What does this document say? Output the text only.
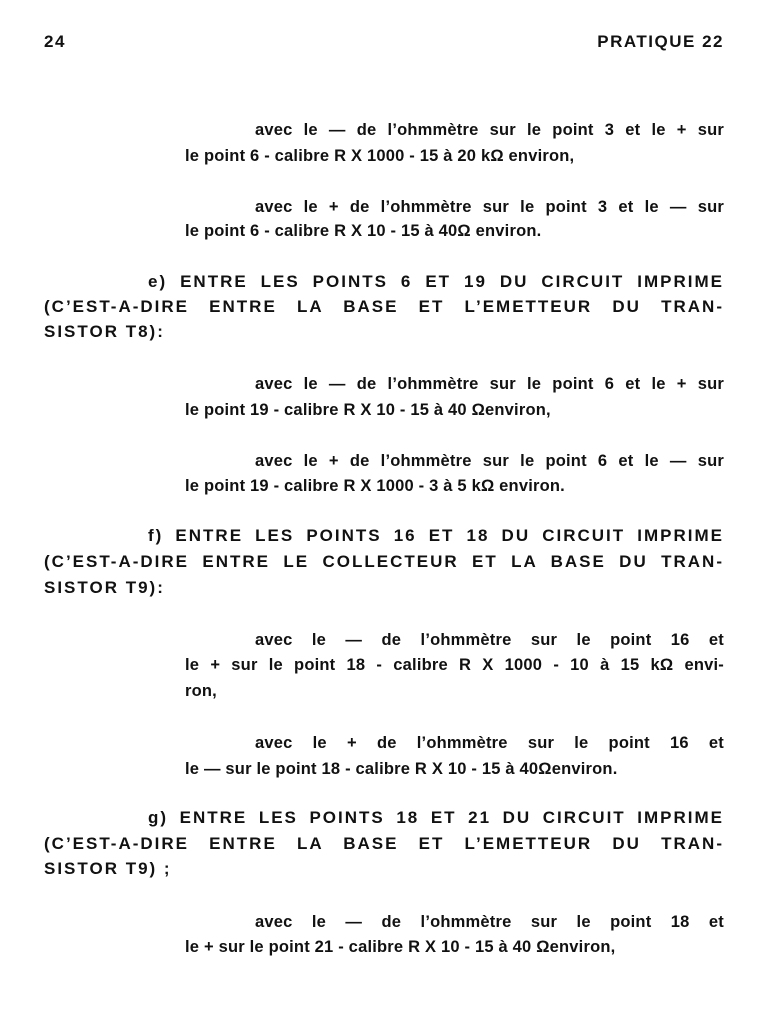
24	PRATIQUE 22
avec le — de l’ohmmètre sur le point 3 et le + sur
le point 6 - calibre R X 1000 - 15 à 20 kΩ environ,
avec le + de l’ohmmètre sur le point 3 et le — sur
le point 6 - calibre R X 10 - 15 à 40Ω environ.
e) ENTRE LES POINTS 6 ET 19 DU CIRCUIT IMPRIME
(C’EST-A-DIRE ENTRE LA BASE ET L’EMETTEUR DU TRAN-
SISTOR T8):
avec le — de l’ohmmètre sur le point 6 et le + sur
le point 19 - calibre R X 10 - 15 à 40 Ωenviron,
avec le + de l’ohmmètre sur le point 6 et le — sur
le point 19 - calibre R X 1000 - 3 à 5 kΩ environ.
f) ENTRE LES POINTS 16 ET 18 DU CIRCUIT IMPRIME
(C’EST-A-DIRE ENTRE LE COLLECTEUR ET LA BASE DU TRAN-
SISTOR T9):
avec le — de l’ohmmètre sur le point 16 et
le + sur le point 18 - calibre R X 1000 - 10 à 15 kΩ envi-
ron,
avec le + de l’ohmmètre sur le point 16 et
le — sur le point 18 - calibre R X 10 - 15 à 40Ωenviron.
g) ENTRE LES POINTS 18 ET 21 DU CIRCUIT IMPRIME
(C’EST-A-DIRE ENTRE LA BASE ET L’EMETTEUR DU TRAN-
SISTOR T9) ;
avec le — de l’ohmmètre sur le point 18 et
le + sur le point 21 - calibre R X 10 - 15 à 40 Ωenviron,
